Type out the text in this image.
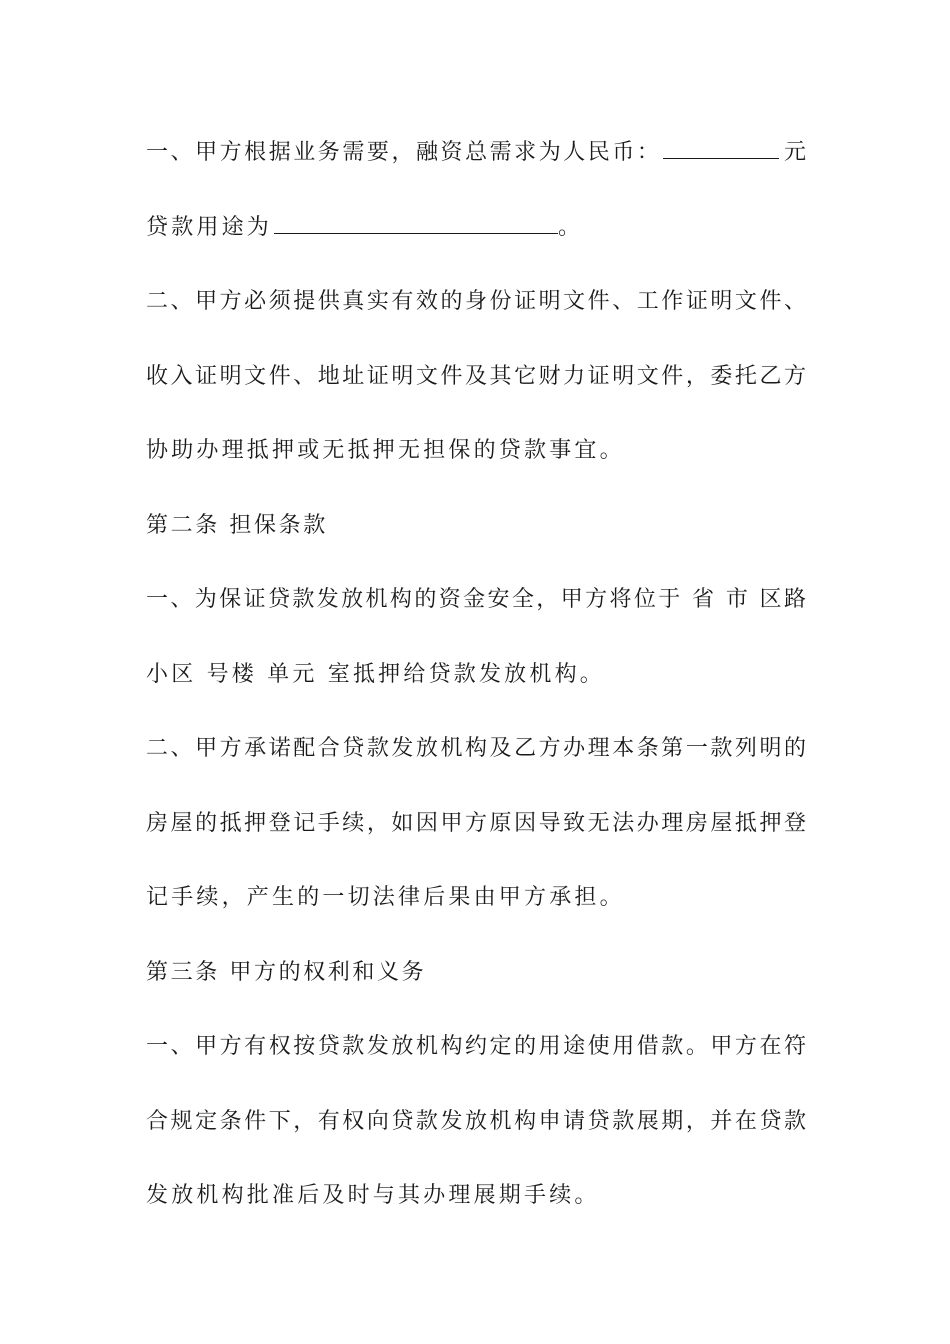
一、甲方根据业务需要，融资总需求为人民币：	元
贷款用途为	。
二、甲方必须提供真实有效的身份证明文件、工作证明文件、
收入证明文件、地址证明文件及其它财力证明文件，委托乙方
协助办理抵押或无抵押无担保的贷款事宜。
第二条 担保条款
一、为保证贷款发放机构的资金安全，甲方将位于 省 市 区路
小区 号楼 单元 室抵押给贷款发放机构。
二、甲方承诺配合贷款发放机构及乙方办理本条第一款列明的
房屋的抵押登记手续，如因甲方原因导致无法办理房屋抵押登
记手续，产生的一切法律后果由甲方承担。
第三条 甲方的权利和义务
一、甲方有权按贷款发放机构约定的用途使用借款。甲方在符
合规定条件下，有权向贷款发放机构申请贷款展期，并在贷款
发放机构批准后及时与其办理展期手续。
